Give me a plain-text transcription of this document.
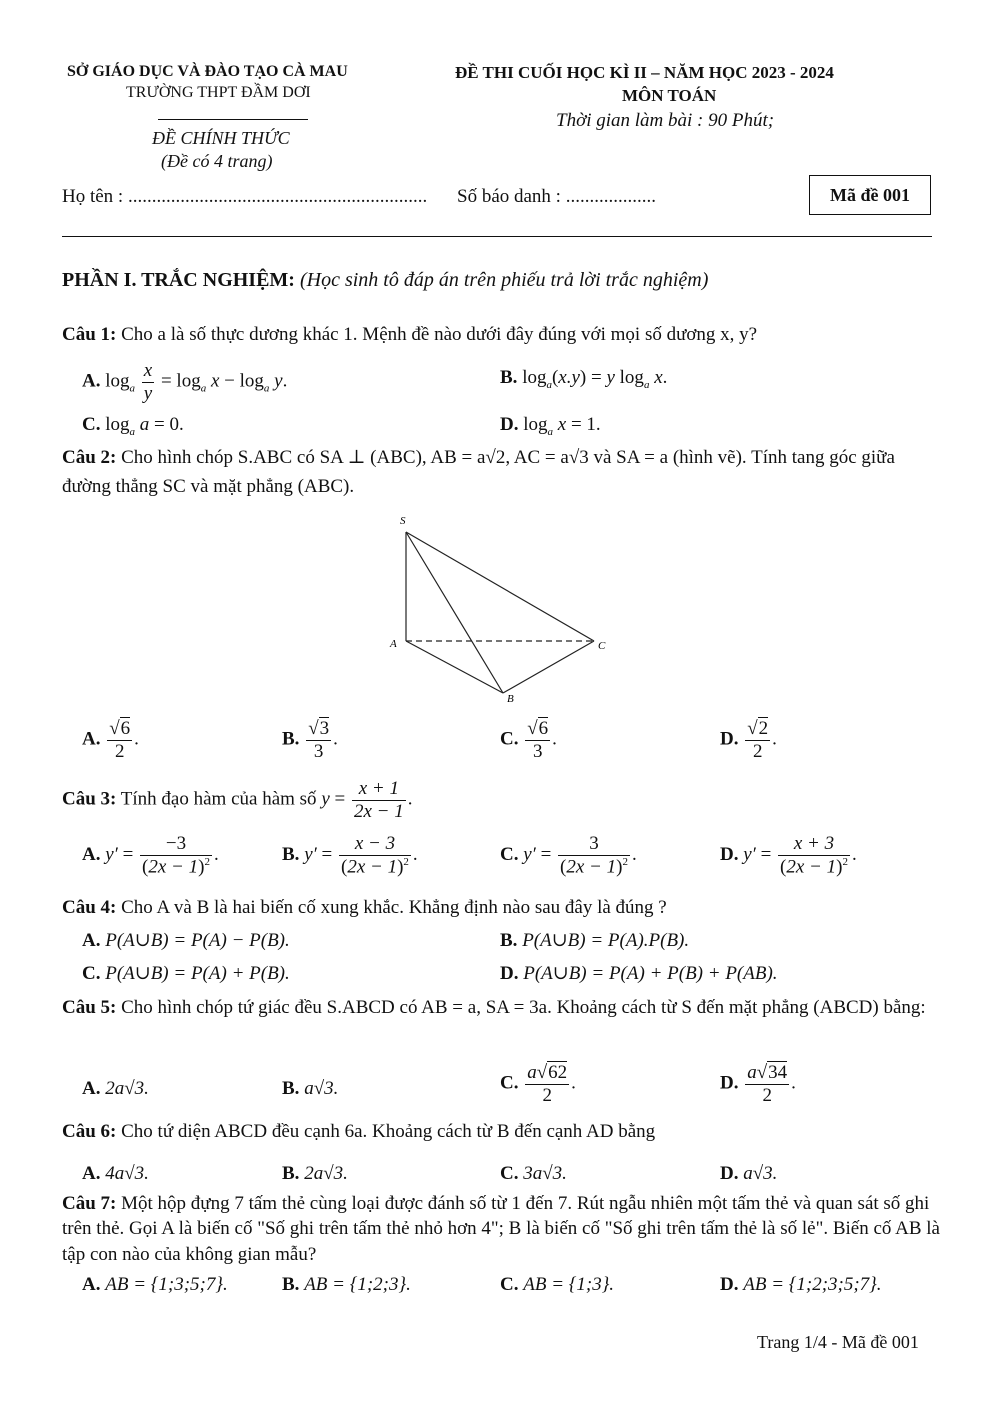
SỞ GIÁO DỤC VÀ ĐÀO TẠO CÀ MAU
TRƯỜNG THPT ĐẦM DƠI
ĐỀ CHÍNH THỨC
(Đề có 4 trang)
ĐỀ THI CUỐI HỌC KÌ II – NĂM HỌC 2023 - 2024
MÔN TOÁN
Thời gian làm bài : 90 Phút;
Họ tên : ............................................................... Số báo danh : ...................	Mã đề 001
PHẦN I. TRẮC NGHIỆM: (Học sinh tô đáp án trên phiếu trả lời trắc nghiệm)
Câu 1: Cho a là số thực dương khác 1. Mệnh đề nào dưới đây đúng với mọi số dương x, y?
A. $\log_a \frac{x}{y} = \log_a x - \log_a y$.	B. $\log_a(x.y) = y$ $\log_a x$.
C. $\log_a a = 0$.	D. $\log_a x = 1$.
Câu 2: Cho hình chóp S.ABC có SA ⊥ (ABC), AB = a√2, AC = a√3 và SA = a (hình vẽ). Tính tang góc giữa đường thẳng SC và mặt phẳng (ABC).
S
A
B
C
A. $\frac{√6}{2}$ .	B. $\frac{√3}{3}$ .	C. $\frac{√6}{3}$ .	D. $\frac{√2}{2}$ .
Câu 3: Tính đạo hàm của hàm số $y = \frac{x + 1}{2x - 1}$ .
A. $y' = \frac{-3}{(2x - 1)^2}$ .	B. $y' = \frac{x - 3}{(2x - 1)^2}$ .	C. $y' = \frac{3}{(2x - 1)^2}$ .	D. $y' = \frac{x + 3}{(2x - 1)^2}$ .
Câu 4: Cho A và B là hai biến cố xung khắc. Khẳng định nào sau đây là đúng ?
A. P(A∪B) = P(A) − P(B).	B. P(A∪B) = P(A).P(B).
C. P(A∪B) = P(A) + P(B).	D. P(A∪B) = P(A) + P(B) + P(AB).
Câu 5: Cho hình chóp tứ giác đều S.ABCD có AB = a, SA = 3a. Khoảng cách từ S đến mặt phẳng (ABCD) bằng:
A. 2a√3.	B. a√3.	C. $\frac{a√62}{2}$ .	D. $\frac{a√34}{2}$ .
Câu 6: Cho tứ diện ABCD đều cạnh 6a. Khoảng cách từ B đến cạnh AD bằng
A. 4a√3.	B. 2a√3.	C. 3a√3.	D. a√3.
Câu 7: Một hộp đựng 7 tấm thẻ cùng loại được đánh số từ 1 đến 7. Rút ngẫu nhiên một tấm thẻ và quan sát số ghi trên thẻ. Gọi A là biến cố "Số ghi trên tấm thẻ nhỏ hơn 4"; B là biến cố "Số ghi trên tấm thẻ là số lẻ". Biến cố AB là tập con nào của không gian mẫu?
A. AB = {1;3;5;7}.	B. AB = {1;2;3}.	C. AB = {1;3}.	D. AB = {1;2;3;5;7}.
Trang 1/4 - Mã đề 001
